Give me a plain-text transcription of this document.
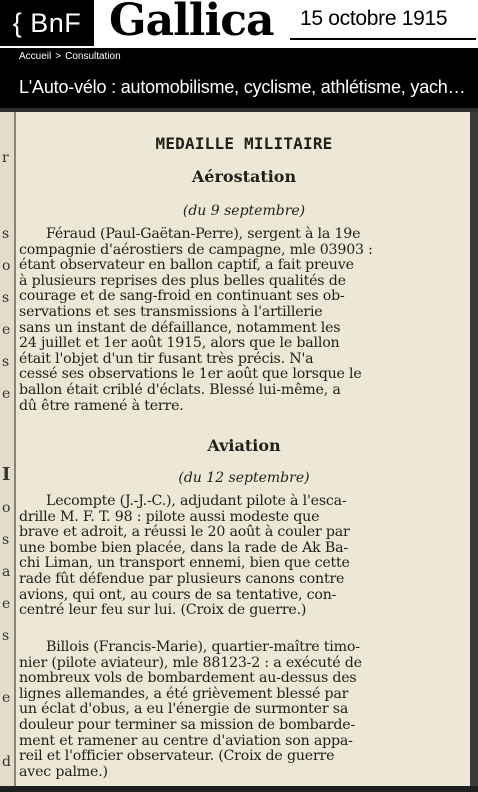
{ BnF Gallica 15 octobre 1915
Accueil > Consultation
L'Auto-vélo : automobilisme, cyclisme, athlétisme, yach…
r
s
o
s
e
s
e
I
o
s
a
e
s
e
d
MEDAILLE MILITAIRE
Aérostation
(du 9 septembre)
Féraud (Paul-Gaëtan-Perre), sergent à la 19e
compagnie d'aérostiers de campagne, mle 03903 :
étant observateur en ballon captif, a fait preuve
à plusieurs reprises des plus belles qualités de
courage et de sang-froid en continuant ses ob-
servations et ses transmissions à l'artillerie
sans un instant de défaillance, notamment les
24 juillet et 1er août 1915, alors que le ballon
était l'objet d'un tir fusant très précis. N'a
cessé ses observations le 1er août que lorsque le
ballon était criblé d'éclats. Blessé lui-même, a
dû être ramené à terre.
Aviation
(du 12 septembre)
Lecompte (J.-J.-C.), adjudant pilote à l'esca-
drille M. F. T. 98 : pilote aussi modeste que
brave et adroit, a réussi le 20 août à couler par
une bombe bien placée, dans la rade de Ak Ba-
chi Liman, un transport ennemi, bien que cette
rade fût défendue par plusieurs canons contre
avions, qui ont, au cours de sa tentative, con-
centré leur feu sur lui. (Croix de guerre.)
Billois (Francis-Marie), quartier-maître timo-
nier (pilote aviateur), mle 88123-2 : a exécuté de
nombreux vols de bombardement au-dessus des
lignes allemandes, a été grièvement blessé par
un éclat d'obus, a eu l'énergie de surmonter sa
douleur pour terminer sa mission de bombarde-
ment et ramener au centre d'aviation son appa-
reil et l'officier observateur. (Croix de guerre
avec palme.)
